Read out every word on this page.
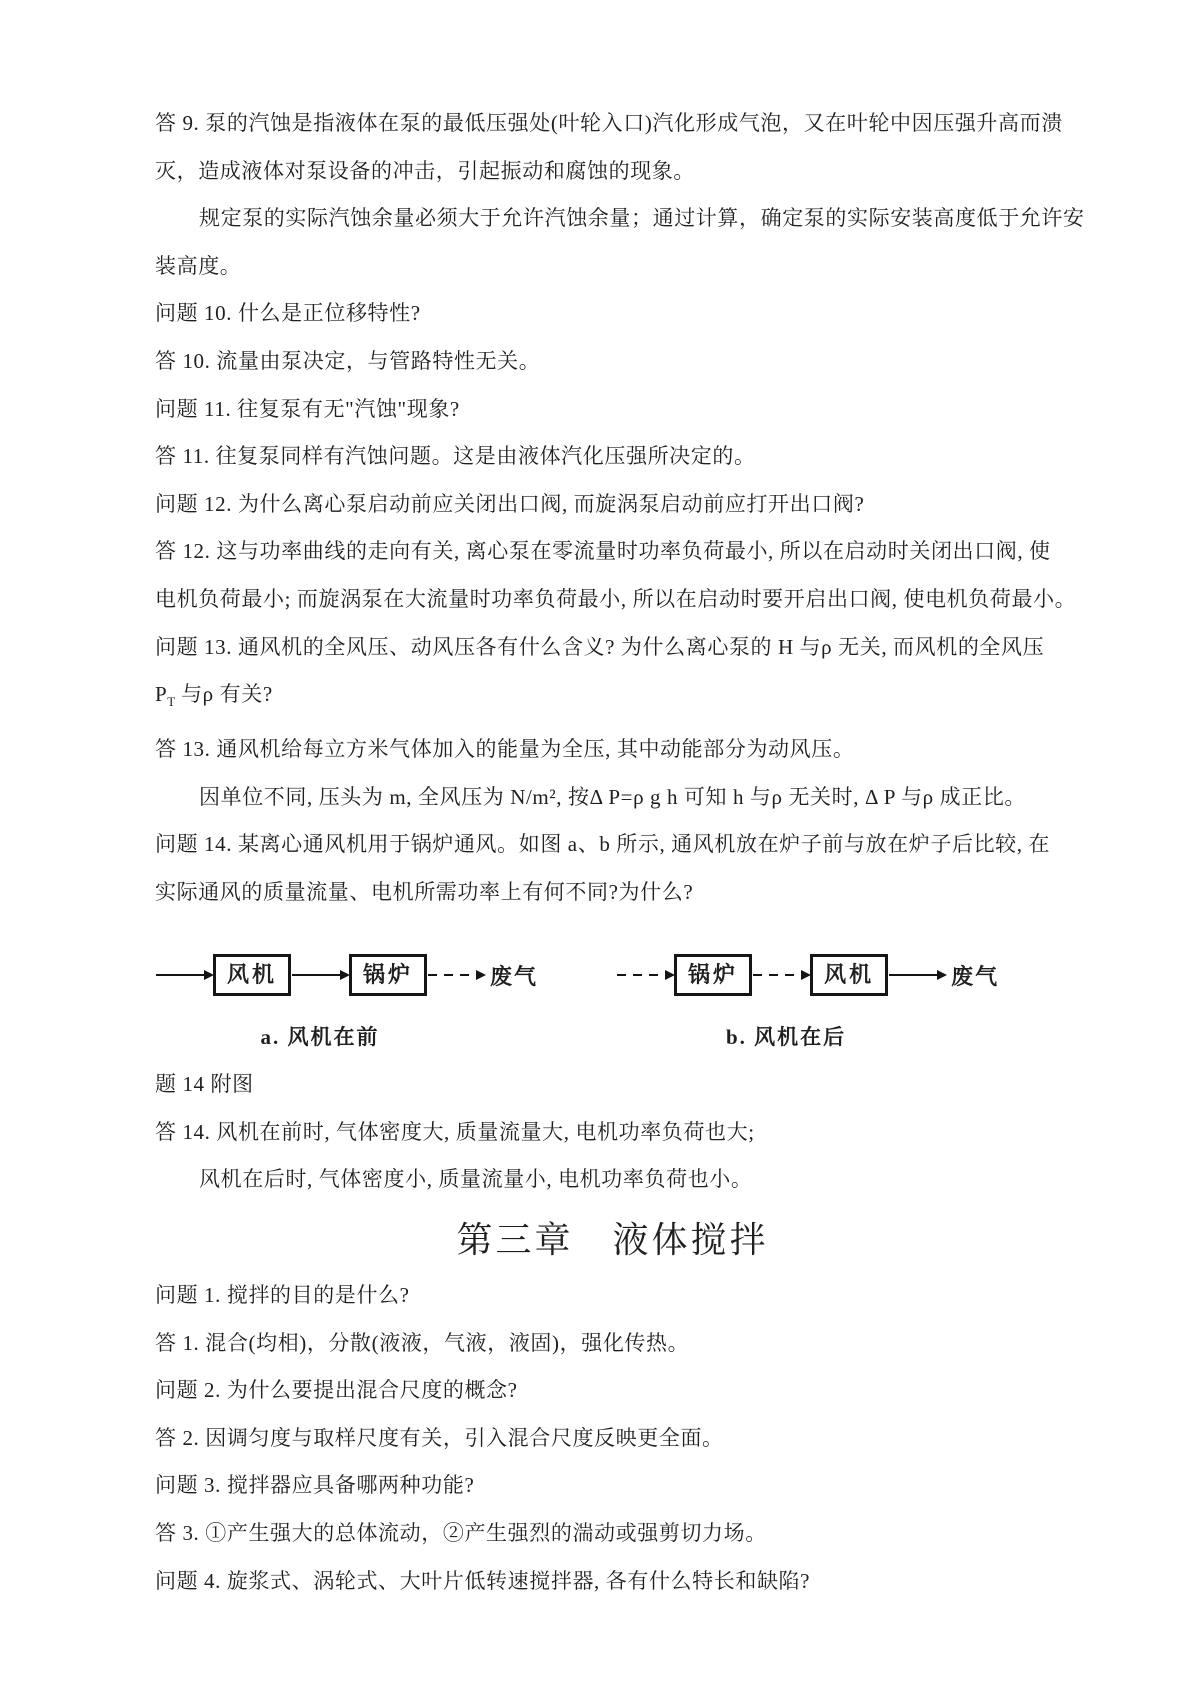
答 9. 泵的汽蚀是指液体在泵的最低压强处(叶轮入口)汽化形成气泡，又在叶轮中因压强升高而溃

灭，造成液体对泵设备的冲击，引起振动和腐蚀的现象。

规定泵的实际汽蚀余量必须大于允许汽蚀余量；通过计算，确定泵的实际安装高度低于允许安

装高度。

问题 10. 什么是正位移特性?

答 10. 流量由泵决定，与管路特性无关。

问题 11. 往复泵有无"汽蚀"现象?

答 11. 往复泵同样有汽蚀问题。这是由液体汽化压强所决定的。

问题 12. 为什么离心泵启动前应关闭出口阀, 而旋涡泵启动前应打开出口阀?

答 12. 这与功率曲线的走向有关, 离心泵在零流量时功率负荷最小, 所以在启动时关闭出口阀, 使

电机负荷最小; 而旋涡泵在大流量时功率负荷最小, 所以在启动时要开启出口阀, 使电机负荷最小。

问题 13. 通风机的全风压、动风压各有什么含义? 为什么离心泵的 H 与ρ 无关, 而风机的全风压

$P_T$ 与ρ 有关?

答 13. 通风机给每立方米气体加入的能量为全压, 其中动能部分为动风压。

因单位不同, 压头为 m, 全风压为 N/m², 按Δ P=ρ g h 可知 h 与ρ 无关时, Δ P 与ρ 成正比。

问题 14. 某离心通风机用于锅炉通风。如图 a、b 所示, 通风机放在炉子前与放在炉子后比较, 在

实际通风的质量流量、电机所需功率上有何不同?为什么?

风机	锅炉	废气
a. 风机在前
锅炉	风机	废气
b. 风机在后

题 14 附图

答 14. 风机在前时, 气体密度大, 质量流量大, 电机功率负荷也大;

风机在后时, 气体密度小, 质量流量小, 电机功率负荷也小。

第三章　液体搅拌

问题 1. 搅拌的目的是什么?

答 1. 混合(均相)，分散(液液，气液，液固)，强化传热。

问题 2. 为什么要提出混合尺度的概念?

答 2. 因调匀度与取样尺度有关，引入混合尺度反映更全面。

问题 3. 搅拌器应具备哪两种功能?

答 3. ①产生强大的总体流动，②产生强烈的湍动或强剪切力场。

问题 4. 旋浆式、涡轮式、大叶片低转速搅拌器, 各有什么特长和缺陷?
